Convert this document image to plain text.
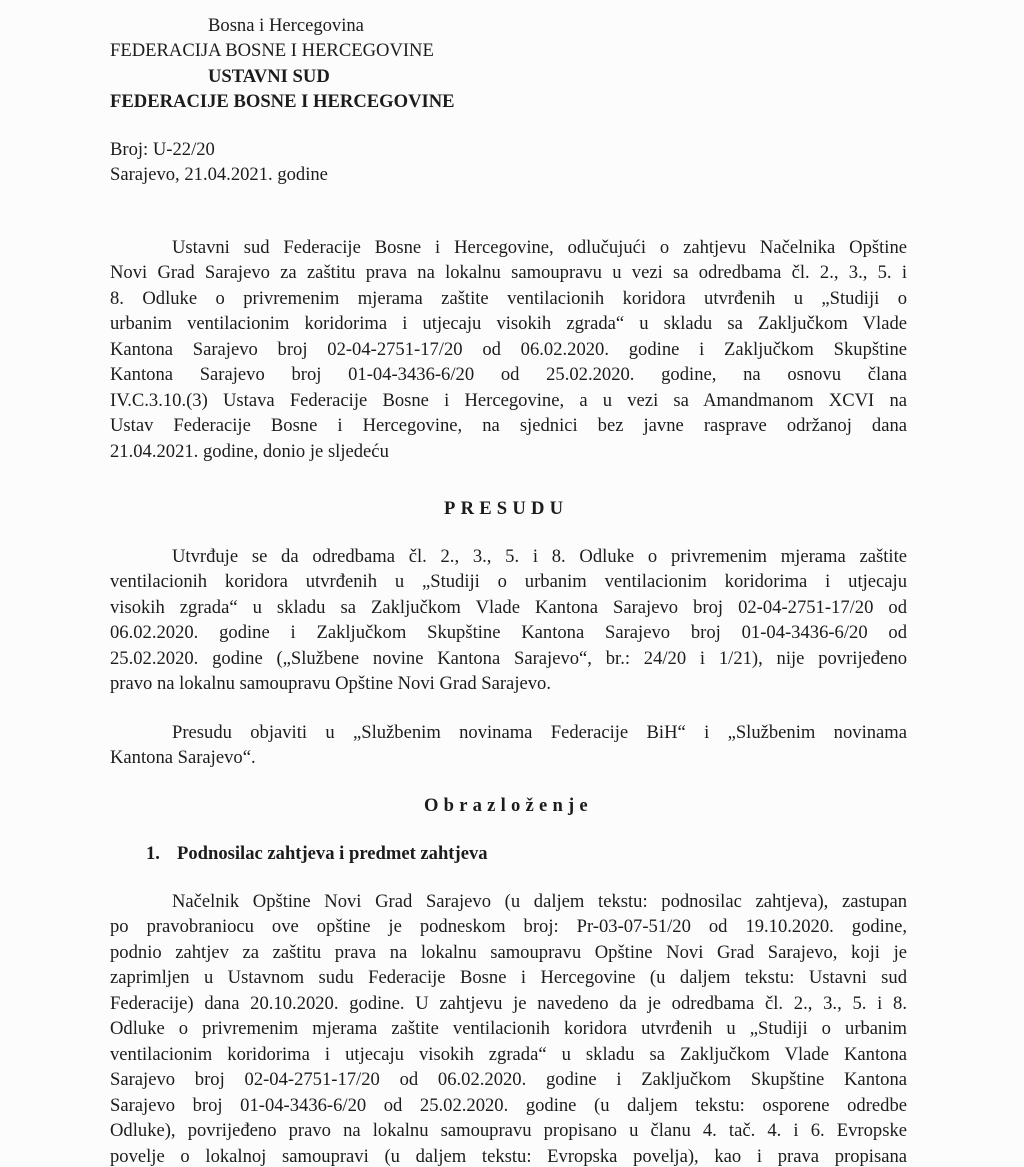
Bosna i Hercegovina
FEDERACIJA BOSNE I HERCEGOVINE
USTAVNI SUD
FEDERACIJE BOSNE I HERCEGOVINE
Broj: U-22/20
Sarajevo, 21.04.2021. godine
Ustavni sud Federacije Bosne i Hercegovine, odlučujući o zahtjevu Načelnika Opštine
Novi Grad Sarajevo za zaštitu prava na lokalnu samoupravu u vezi sa odredbama čl. 2., 3., 5. i
8. Odluke o privremenim mjerama zaštite ventilacionih koridora utvrđenih u „Studiji o
urbanim ventilacionim koridorima i utjecaju visokih zgrada“ u skladu sa Zaključkom Vlade
Kantona Sarajevo broj 02-04-2751-17/20 od 06.02.2020. godine i Zaključkom Skupštine
Kantona Sarajevo broj 01-04-3436-6/20 od 25.02.2020. godine, na osnovu člana
IV.C.3.10.(3) Ustava Federacije Bosne i Hercegovine, a u vezi sa Amandmanom XCVI na
Ustav Federacije Bosne i Hercegovine, na sjednici bez javne rasprave održanoj dana
21.04.2021. godine, donio je sljedeću
PRESUDU
Utvrđuje se da odredbama čl. 2., 3., 5. i 8. Odluke o privremenim mjerama zaštite
ventilacionih koridora utvrđenih u „Studiji o urbanim ventilacionim koridorima i utjecaju
visokih zgrada“ u skladu sa Zaključkom Vlade Kantona Sarajevo broj 02-04-2751-17/20 od
06.02.2020. godine i Zaključkom Skupštine Kantona Sarajevo broj 01-04-3436-6/20 od
25.02.2020. godine („Službene novine Kantona Sarajevo“, br.: 24/20 i 1/21), nije povrijeđeno
pravo na lokalnu samoupravu Opštine Novi Grad Sarajevo.
Presudu objaviti u „Službenim novinama Federacije BiH“ i „Službenim novinama
Kantona Sarajevo“.
Obrazloženje
1. Podnosilac zahtjeva i predmet zahtjeva
Načelnik Opštine Novi Grad Sarajevo (u daljem tekstu: podnosilac zahtjeva), zastupan
po pravobraniocu ove opštine je podneskom broj: Pr-03-07-51/20 od 19.10.2020. godine,
podnio zahtjev za zaštitu prava na lokalnu samoupravu Opštine Novi Grad Sarajevo, koji je
zaprimljen u Ustavnom sudu Federacije Bosne i Hercegovine (u daljem tekstu: Ustavni sud
Federacije) dana 20.10.2020. godine. U zahtjevu je navedeno da je odredbama čl. 2., 3., 5. i 8.
Odluke o privremenim mjerama zaštite ventilacionih koridora utvrđenih u „Studiji o urbanim
ventilacionim koridorima i utjecaju visokih zgrada“ u skladu sa Zaključkom Vlade Kantona
Sarajevo broj 02-04-2751-17/20 od 06.02.2020. godine i Zaključkom Skupštine Kantona
Sarajevo broj 01-04-3436-6/20 od 25.02.2020. godine (u daljem tekstu: osporene odredbe
Odluke), povrijeđeno pravo na lokalnu samoupravu propisano u članu 4. tač. 4. i 6. Evropske
povelje o lokalnoj samoupravi (u daljem tekstu: Evropska povelja), kao i prava propisana
